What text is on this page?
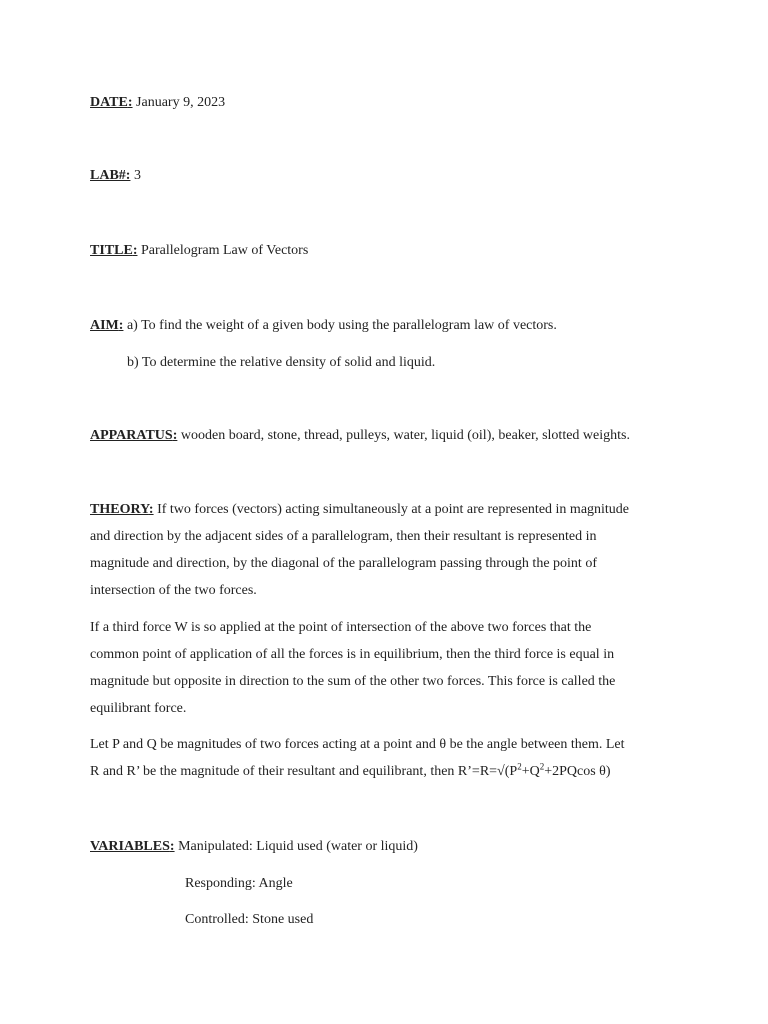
DATE: January 9, 2023
LAB#: 3
TITLE: Parallelogram Law of Vectors
AIM: a) To find the weight of a given body using the parallelogram law of vectors.
b) To determine the relative density of solid and liquid.
APPARATUS: wooden board, stone, thread, pulleys, water, liquid (oil), beaker, slotted weights.
THEORY: If two forces (vectors) acting simultaneously at a point are represented in magnitude
and direction by the adjacent sides of a parallelogram, then their resultant is represented in
magnitude and direction, by the diagonal of the parallelogram passing through the point of
intersection of the two forces.
If a third force W is so applied at the point of intersection of the above two forces that the
common point of application of all the forces is in equilibrium, then the third force is equal in
magnitude but opposite in direction to the sum of the other two forces. This force is called the
equilibrant force.
Let P and Q be magnitudes of two forces acting at a point and θ be the angle between them. Let
R and R’ be the magnitude of their resultant and equilibrant, then $R’=R=√(P^2+Q^2+2PQcos$ θ)
VARIABLES: Manipulated: Liquid used (water or liquid)
Responding: Angle
Controlled: Stone used
